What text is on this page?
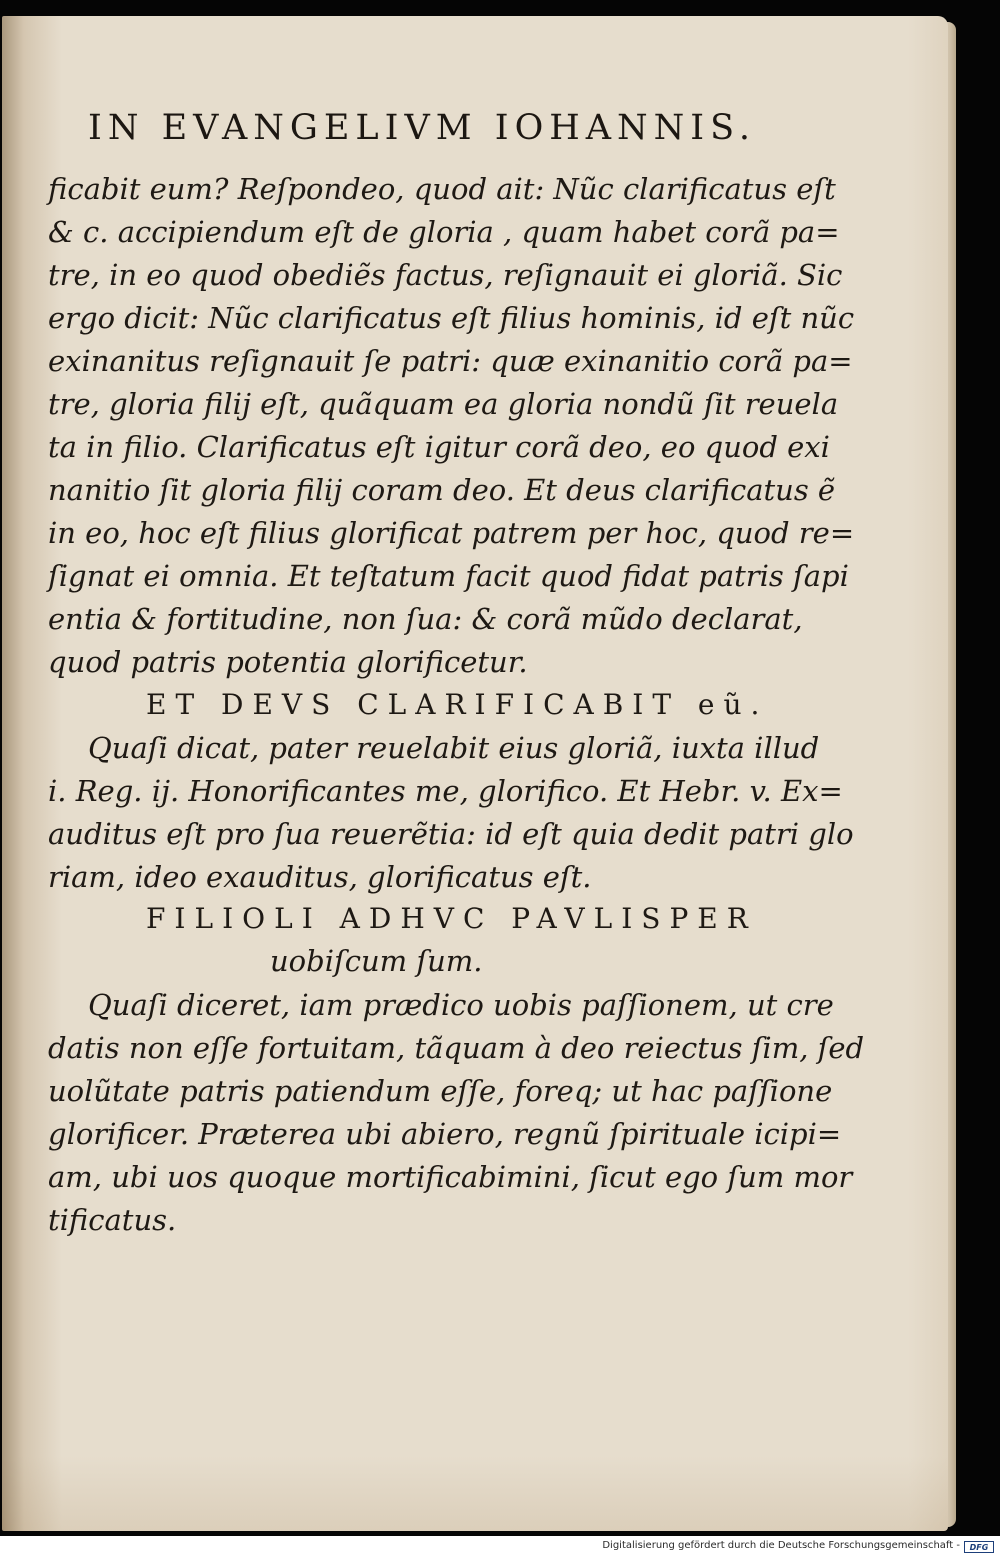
IN EVANGELIVM IOHANNIS.
ficabit eum? Reſpondeo, quod ait: Nũc clarificatus eſt
& c. accipiendum eſt de gloria , quam habet corã pa=
tre, in eo quod obediẽs factus, reſignauit ei gloriã. Sic
ergo dicit: Nũc clarificatus eſt filius hominis, id eſt nũc
exinanitus reſignauit ſe patri: quæ exinanitio corã pa=
tre, gloria filij eſt, quãquam ea gloria nondũ ſit reuela
ta in filio. Clarificatus eſt igitur corã deo, eo quod exi
nanitio ſit gloria filij coram deo. Et deus clarificatus ẽ
in eo, hoc eſt filius glorificat patrem per hoc, quod re=
ſignat ei omnia. Et teſtatum facit quod fidat patris ſapi
entia & fortitudine, non ſua: & corã mũdo declarat,
quod patris potentia glorificetur.
ET DEVS CLARIFICABIT eũ.
Quaſi dicat, pater reuelabit eius gloriã, iuxta illud
i. Reg. ij. Honorificantes me, glorifico. Et Hebr. v. Ex=
auditus eſt pro ſua reuerẽtia: id eſt quia dedit patri glo
riam, ideo exauditus, glorificatus eſt.
FILIOLI ADHVC PAVLISPER
uobiſcum ſum.
Quaſi diceret, iam prædico uobis paſſionem, ut cre
datis non eſſe fortuitam, tãquam à deo reiectus ſim, ſed
uolũtate patris patiendum eſſe, foreq; ut hac paſſione
glorificer. Præterea ubi abiero, regnũ ſpirituale icipi=
am, ubi uos quoque mortificabimini, ſicut ego ſum mor
tificatus.
Digitalisierung gefördert durch die Deutsche Forschungsgemeinschaft -	DFG
